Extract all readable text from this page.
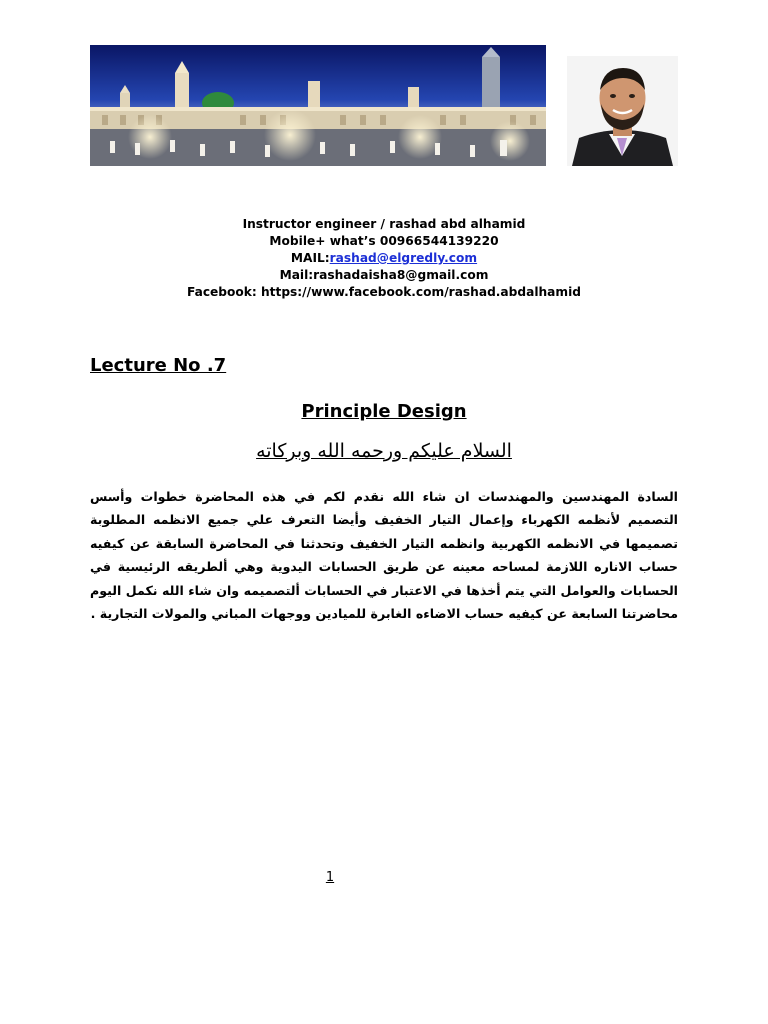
Instructor engineer / rashad abd alhamid
Mobile+ what’s 00966544139220
MAIL:rashad@elgredly.com
Mail:rashadaisha8@gmail.com
Facebook: https://www.facebook.com/rashad.abdalhamid

Lecture No .7

Principle Design

السلام عليكم ورحمه الله وبركاته

السادة المهندسين والمهندسات ان شاء الله نقدم لكم في هذه المحاضرة خطوات وأسس التصميم لأنظمه الكهرباء وإعمال التيار الخفيف وأيضا التعرف علي جميع الانظمه المطلوبة تصميمها في الانظمه الكهربية وانظمه التيار الخفيف وتحدثنا في المحاضرة السابقة عن كيفيه حساب الاناره اللازمة لمساحه معينه عن طريق الحسابات اليدوية وهي ألطريقه الرئيسية في الحسابات والعوامل التي يتم أخذها في الاعتبار في الحسابات ألتصميمه وان شاء الله نكمل اليوم محاضرتنا السابعة عن كيفيه حساب الاضاءه الغابرة للميادين ووجهات المباني والمولات التجارية .

1
